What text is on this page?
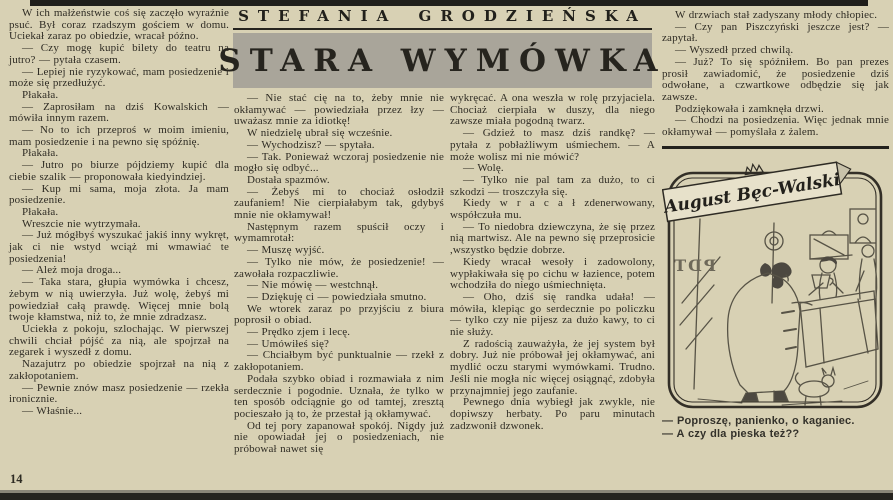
STEFANIA GRODZIEŃSKA
STARA WYMÓWKA

W ich małżeństwie coś się zaczęło wyraźnie psuć. Był coraz rzadszym gościem w domu. Uciekał zaraz po obiedzie, wracał późno.

— Czy mogę kupić bilety do teatru na jutro? — pytała czasem.

— Lepiej nie ryzykować, mam posiedzenie i może się przedłużyć.

Płakała.

— Zaprosiłam na dziś Kowalskich — mówiła innym razem.

— No to ich przeproś w moim imieniu, mam posiedzenie i na pewno się spóźnię.

Płakała.

— Jutro po biurze pójdziemy kupić dla ciebie szalik — proponowała kiedyindziej.

— Kup mi sama, moja złota. Ja mam posiedzenie.

Płakała.

Wreszcie nie wytrzymała.

— Już mógłbyś wyszukać jakiś inny wykręt, jak ci nie wstyd wciąż mi wmawiać te posiedzenia!

— Ależ moja droga...

— Taka stara, głupia wymówka i chcesz, żebym w nią uwierzyła. Już wolę, żebyś mi powiedział całą prawdę. Więcej mnie bolą twoje kłamstwa, niż to, że mnie zdradzasz.

Uciekła z pokoju, szlochając. W pierwszej chwili chciał pójść za nią, ale spojrzał na zegarek i wyszedł z domu.

Nazajutrz po obiedzie spojrzał na nią z zakłopotaniem.

— Pewnie znów masz posiedzenie — rzekła ironicznie.

— Właśnie...

— Nie stać cię na to, żeby mnie nie okłamywać — powiedziała przez łzy — uważasz mnie za idiotkę!

W niedzielę ubrał się wcześnie.

— Wychodzisz? — spytała.

— Tak. Ponieważ wczoraj posiedzenie nie mogło się odbyć...

Dostała spazmów.

— Żebyś mi to chociaż osłodził zaufaniem! Nie cierpiałabym tak, gdybyś mnie nie okłamywał!

Następnym razem spuścił oczy i wymamrotał:

— Muszę wyjść.

— Tylko nie mów, że posiedzenie! — zawołała rozpaczliwie.

— Nie mówię — westchnął.

— Dziękuję ci — powiedziała smutno.

We wtorek zaraz po przyjściu z biura poprosił o obiad.

— Prędko zjem i lecę.

— Umówiłeś się?

— Chciałbym być punktualnie — rzekł z zakłopotaniem.

Podała szybko obiad i rozmawiała z nim serdecznie i pogodnie. Uznała, że tylko w ten sposób odciągnie go od tamtej, zresztą pocieszało ją to, że przestał ją okłamywać.

Od tej pory zapanował spokój. Nigdy już nie opowiadał jej o posiedzeniach, nie próbował nawet się

wykręcać. A ona weszła w rolę przyjaciela. Chociaż cierpiała w duszy, dla niego zawsze miała pogodną twarz.

— Gdzież to masz dziś randkę? — pytała z pobłażliwym uśmiechem. — A może wolisz mi nie mówić?

— Wolę.

— Tylko nie pal tam za dużo, to ci szkodzi — troszczyła się.

Kiedy w r a c a ł zdenerwowany, współczuła mu.

— To niedobra dziewczyna, że się przez nią martwisz. Ale na pewno się przeprosicie ,wszystko będzie dobrze.

Kiedy wracał wesoły i zadowolony, wypłakiwała się po cichu w łazience, potem wchodziła do niego uśmiechnięta.

— Oho, dziś się randka udała! — mówiła, klepiąc go serdecznie po policzku — tylko czy nie pijesz za dużo kawy, to ci nie służy.

Z radością zauważyła, że jej system był dobry. Już nie próbował jej okłamywać, ani mydlić oczu starymi wymówkami. Trudno. Jeśli nie mogła nic więcej osiągnąć, zdobyła przynajmniej jego zaufanie.

Pewnego dnia wybiegł jak zwykle, nie dopiwszy herbaty. Po paru minutach zadzwonił dzwonek.

W drzwiach stał zadyszany młody chłopiec.

— Czy pan Piszczyński jeszcze jest? — zapytał.

— Wyszedł przed chwilą.

— Już? To się spóźniłem. Bo pan prezes prosił zawiadomić, że posiedzenie dziś odwołane, a czwartkowe odbędzie się jak zawsze.

Podziękowała i zamknęła drzwi.

— Chodzi na posiedzenia. Więc jednak mnie okłamywał — pomyślała z żalem.

PDT
August Bęc-Walski

— Poproszę, panienko, o kaganiec.

— A czy dla pieska też??

14
